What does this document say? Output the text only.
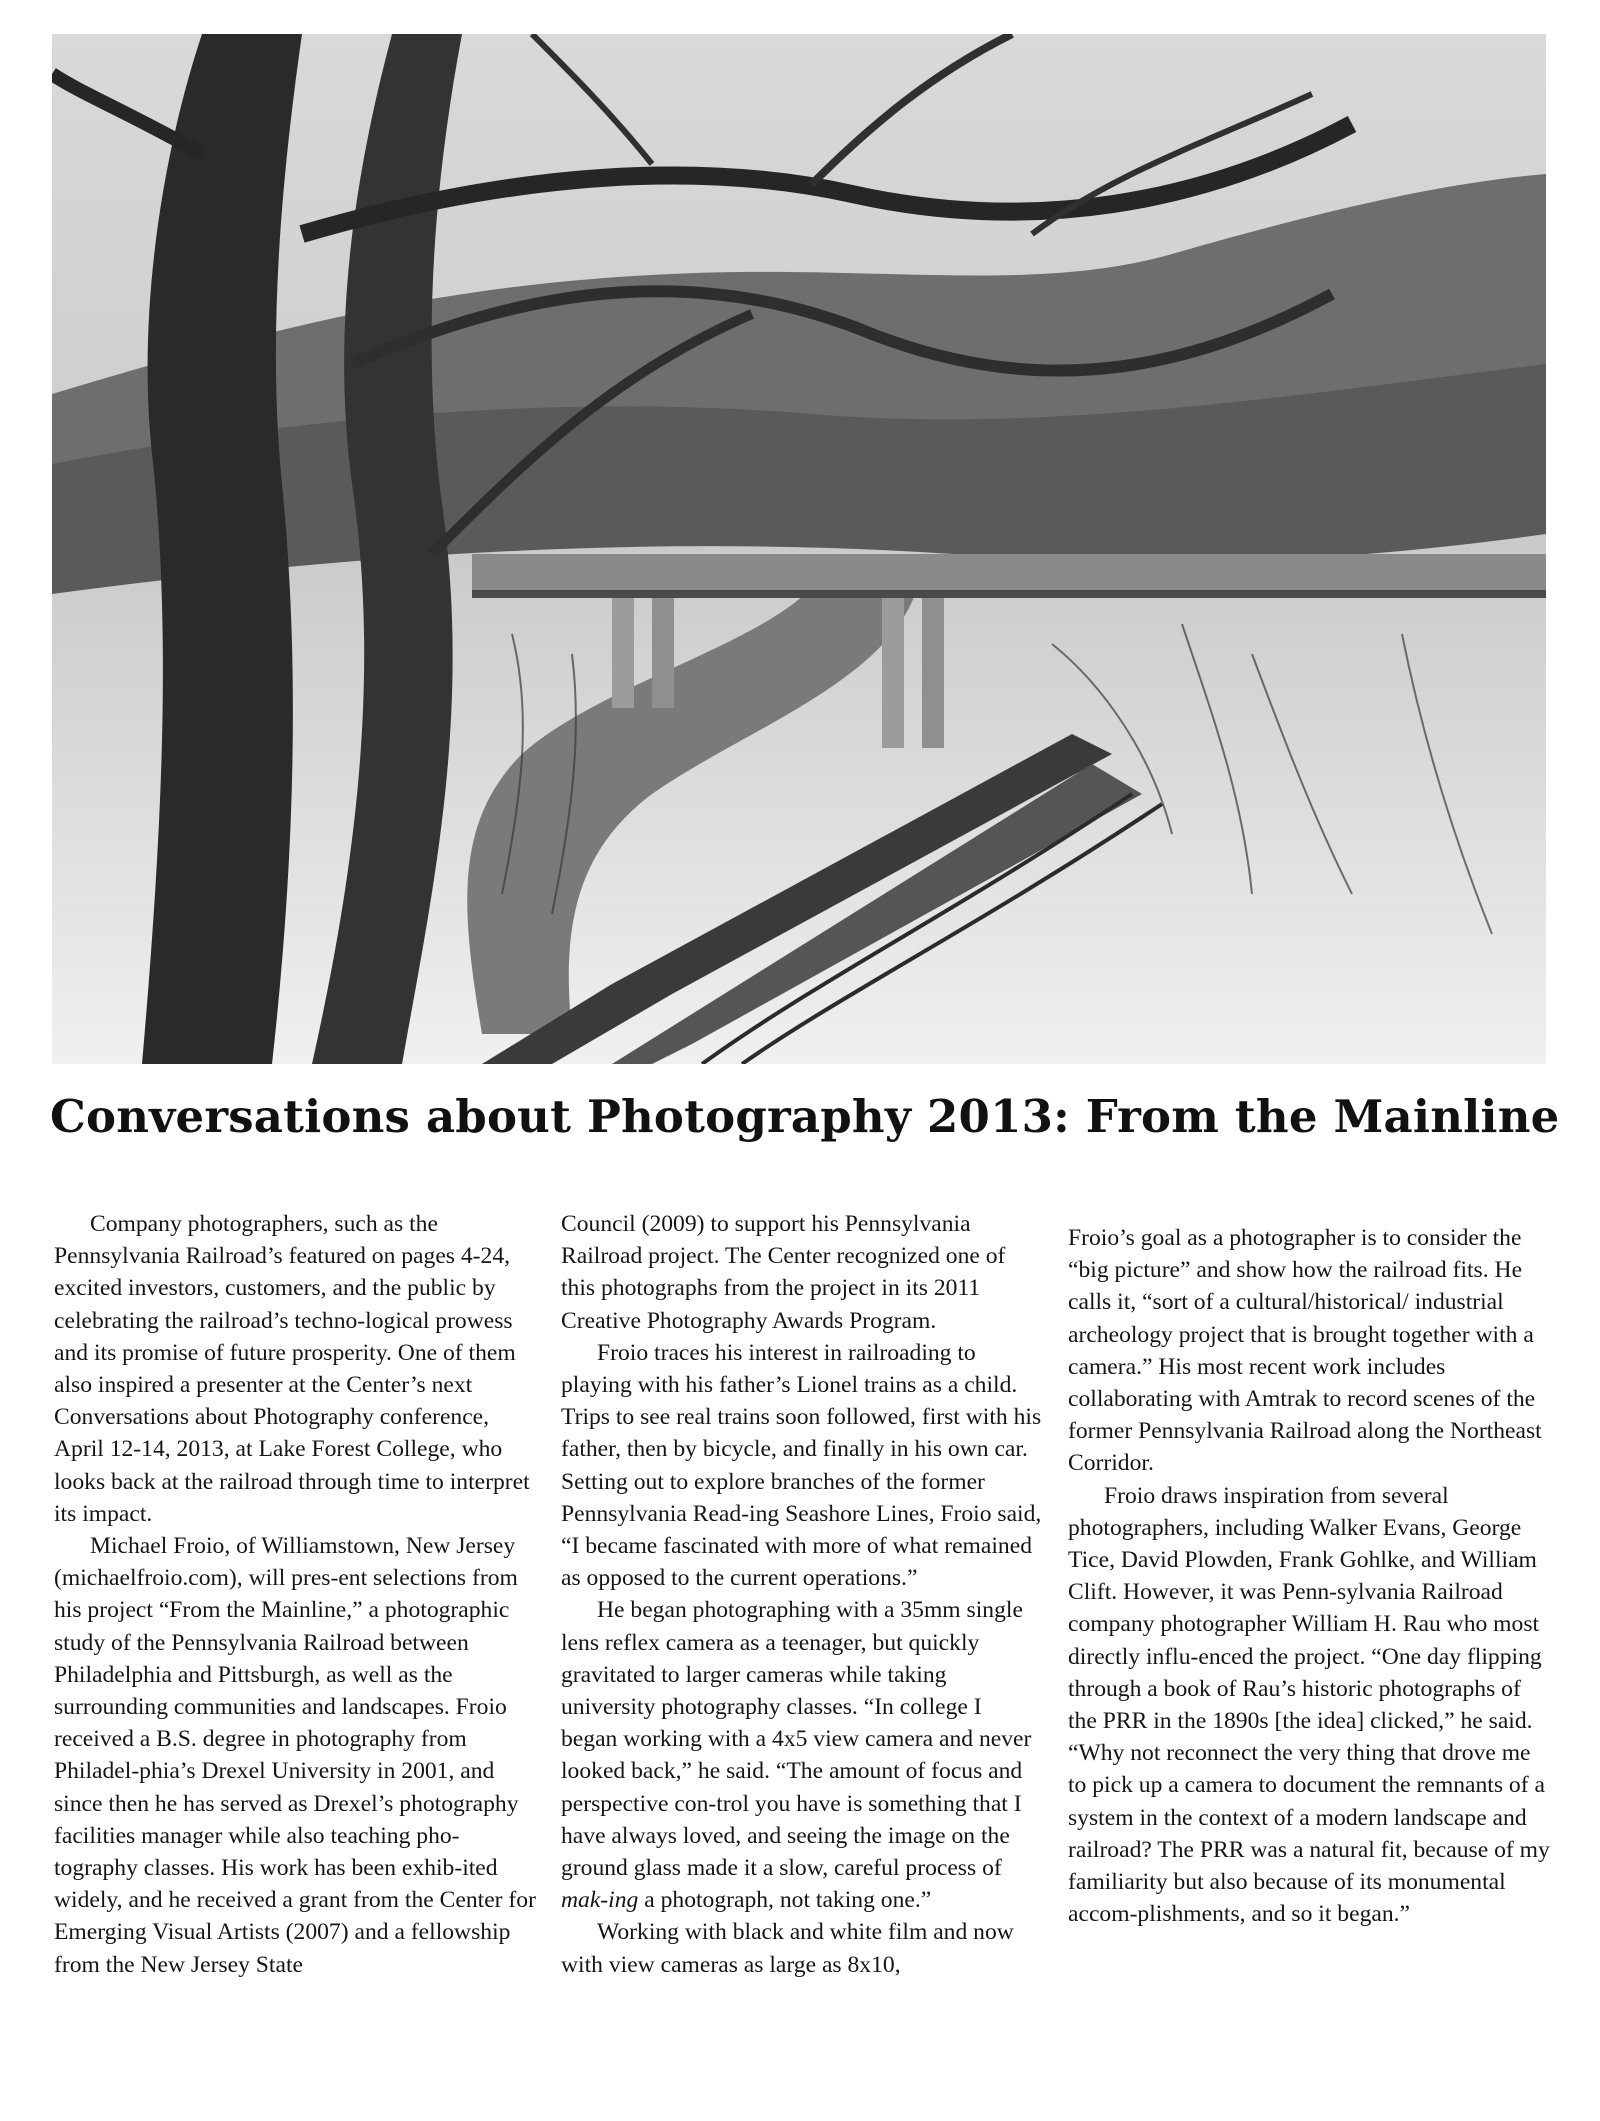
Conversations about Photography 2013: From the Mainline

Company photographers, such as the Pennsylvania Railroad’s featured on pages 4-24, excited investors, customers, and the public by celebrating the railroad’s techno-logical prowess and its promise of future prosperity. One of them also inspired a presenter at the Center’s next Conversations about Photography conference, April 12-14, 2013, at Lake Forest College, who looks back at the railroad through time to interpret its impact.

Michael Froio, of Williamstown, New Jersey (michaelfroio.com), will pres-ent selections from his project “From the Mainline,” a photographic study of the Pennsylvania Railroad between Philadelphia and Pittsburgh, as well as the surrounding communities and landscapes. Froio received a B.S. degree in photography from Philadel-phia’s Drexel University in 2001, and since then he has served as Drexel’s photography facilities manager while also teaching pho-tography classes. His work has been exhib-ited widely, and he received a grant from the Center for Emerging Visual Artists (2007) and a fellowship from the New Jersey State

Council (2009) to support his Pennsylvania Railroad project. The Center recognized one of this photographs from the project in its 2011 Creative Photography Awards Program.

Froio traces his interest in railroading to playing with his father’s Lionel trains as a child. Trips to see real trains soon followed, first with his father, then by bicycle, and finally in his own car. Setting out to explore branches of the former Pennsylvania Read-ing Seashore Lines, Froio said, “I became fascinated with more of what remained as opposed to the current operations.”

He began photographing with a 35mm single lens reflex camera as a teenager, but quickly gravitated to larger cameras while taking university photography classes. “In college I began working with a 4x5 view camera and never looked back,” he said. “The amount of focus and perspective con-trol you have is something that I have always loved, and seeing the image on the ground glass made it a slow, careful process of mak-ing a photograph, not taking one.”

Working with black and white film and now with view cameras as large as 8x10,

Froio’s goal as a photographer is to consider the “big picture” and show how the railroad fits. He calls it, “sort of a cultural/historical/ industrial archeology project that is brought together with a camera.” His most recent work includes collaborating with Amtrak to record scenes of the former Pennsylvania Railroad along the Northeast Corridor.

Froio draws inspiration from several photographers, including Walker Evans, George Tice, David Plowden, Frank Gohlke, and William Clift. However, it was Penn-sylvania Railroad company photographer William H. Rau who most directly influ-enced the project. “One day flipping through a book of Rau’s historic photographs of the PRR in the 1890s [the idea] clicked,” he said. “Why not reconnect the very thing that drove me to pick up a camera to document the remnants of a system in the context of a modern landscape and railroad? The PRR was a natural fit, because of my familiarity but also because of its monumental accom-plishments, and so it began.”
